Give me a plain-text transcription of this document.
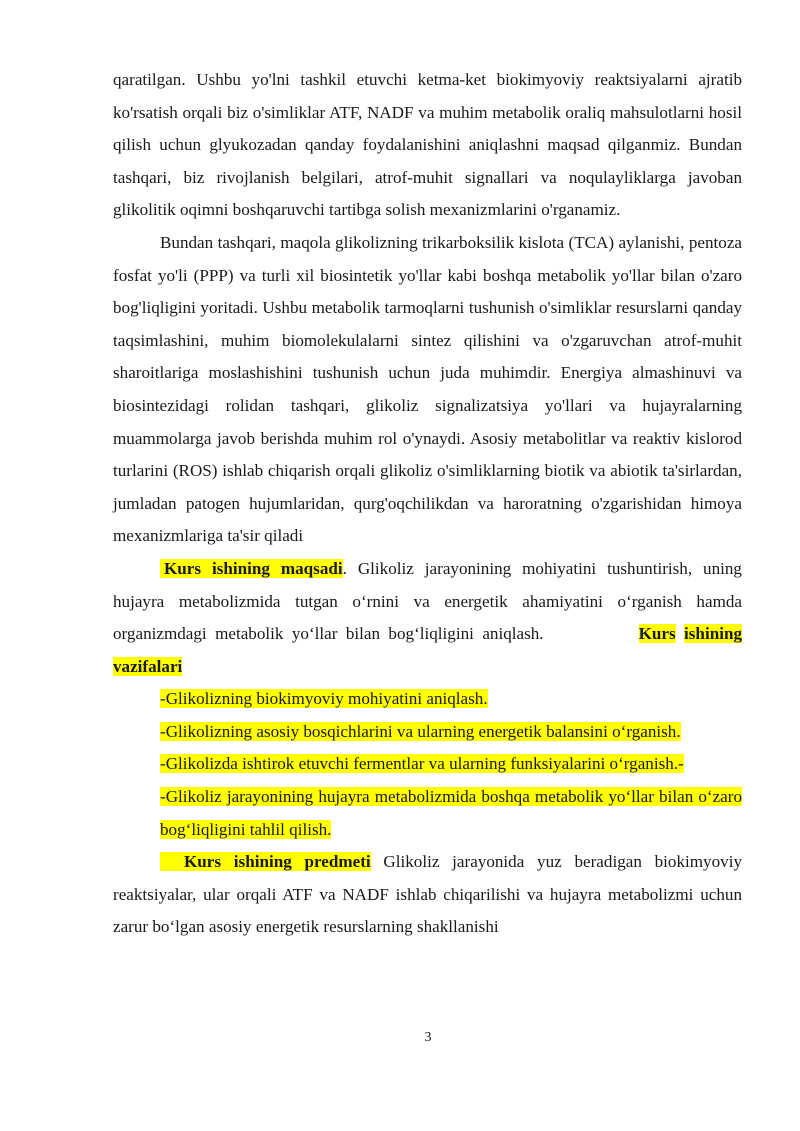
qaratilgan. Ushbu yo'lni tashkil etuvchi ketma-ket biokimyoviy reaktsiyalarni ajratib ko'rsatish orqali biz o'simliklar ATF, NADF va muhim metabolik oraliq mahsulotlarni hosil qilish uchun glyukozadan qanday foydalanishini aniqlashni maqsad qilganmiz. Bundan tashqari, biz rivojlanish belgilari, atrof-muhit signallari va noqulayliklarga javoban glikolitik oqimni boshqaruvchi tartibga solish mexanizmlarini o'rganamiz.

Bundan tashqari, maqola glikolizning trikarboksilik kislota (TCA) aylanishi, pentoza fosfat yo'li (PPP) va turli xil biosintetik yo'llar kabi boshqa metabolik yo'llar bilan o'zaro bog'liqligini yoritadi. Ushbu metabolik tarmoqlarni tushunish o'simliklar resurslarni qanday taqsimlashini, muhim biomolekulalarni sintez qilishini va o'zgaruvchan atrof-muhit sharoitlariga moslashishini tushunish uchun juda muhimdir. Energiya almashinuvi va biosintezidagi rolidan tashqari, glikoliz signalizatsiya yo'llari va hujayralarning muammolarga javob berishda muhim rol o'ynaydi. Asosiy metabolitlar va reaktiv kislorod turlarini (ROS) ishlab chiqarish orqali glikoliz o'simliklarning biotik va abiotik ta'sirlardan, jumladan patogen hujumlaridan, qurg'oqchilikdan va haroratning o'zgarishidan himoya mexanizmlariga ta'sir qiladi

Kurs ishining maqsadi. Glikoliz jarayonining mohiyatini tushuntirish, uning hujayra metabolizmida tutgan o‘rnini va energetik ahamiyatini o‘rganish hamda organizmdagi metabolik yo‘llar bilan bog‘liqligini aniqlash.	Kurs ishining vazifalari

-Glikolizning biokimyoviy mohiyatini aniqlash.

-Glikolizning asosiy bosqichlarini va ularning energetik balansini o‘rganish.

-Glikolizda ishtirok etuvchi fermentlar va ularning funksiyalarini o‘rganish.-

-Glikoliz jarayonining hujayra metabolizmida boshqa metabolik yo‘llar bilan o‘zaro bog‘liqligini tahlil qilish.

Kurs ishining predmeti Glikoliz jarayonida yuz beradigan biokimyoviy reaktsiyalar, ular orqali ATF va NADF ishlab chiqarilishi va hujayra metabolizmi uchun zarur bo‘lgan asosiy energetik resurslarning shakllanishi

3
